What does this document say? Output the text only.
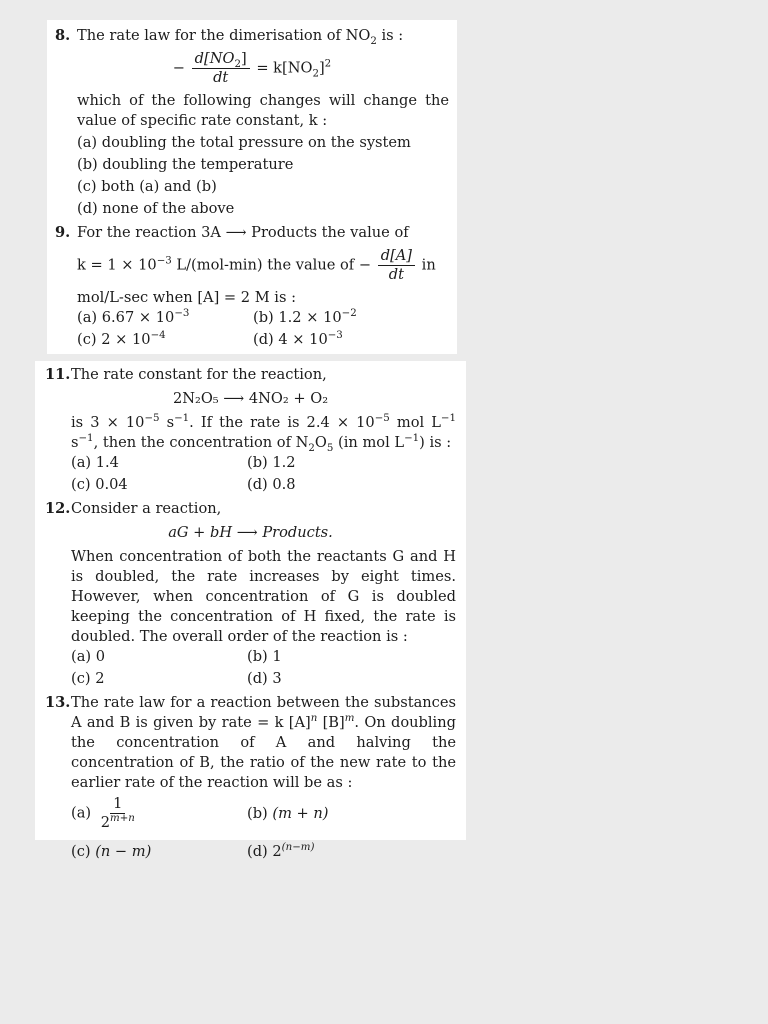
8. The rate law for the dimerisation of $NO_2$ is :
− $\frac{d[NO_2]}{dt} = k[NO_2]^2$
which of the following changes will change the value of specific rate constant, k :
(a) doubling the total pressure on the system
(b) doubling the temperature
(c) both (a) and (b)
(d) none of the above
9. For the reaction 3A ⟶ Products the value of
$k = 1 \times 10^{-3}$ L/(mol-min) the value of − $\frac{d[A]}{dt}$ in
mol/L-sec when [A] = 2 M is :
(a) $6.67 \times 10^{-3}$	(b) $1.2 \times 10^{-2}$
(c) $2 \times 10^{-4}$	(d) $4 \times 10^{-3}$
11. The rate constant for the reaction,
2N₂O₅ ⟶ 4NO₂ + O₂
is $3 \times 10^{-5}$ $s^{-1}$. If the rate is $2.4 \times 10^{-5}$ mol $L^{-1}$ $s^{-1}$, then the concentration of $N_2O_5$ (in mol $L^{-1}$) is :
(a) 1.4	(b) 1.2
(c) 0.04	(d) 0.8
12. Consider a reaction,
aG + bH ⟶ Products.
When concentration of both the reactants G and H is doubled, the rate increases by eight times. However, when concentration of G is doubled keeping the concentration of H fixed, the rate is doubled. The overall order of the reaction is :
(a) 0	(b) 1
(c) 2	(d) 3
13. The rate law for a reaction between the substances A and B is given by rate = k $[A]^n$ $[B]^m$. On doubling the concentration of A and halving the concentration of B, the ratio of the new rate to the earlier rate of the reaction will be as :
$(a) \frac{1}{2^{m+n}}$	(b) (m + n)
(c) (n − m)	(d) $2^{(n-m)}$
